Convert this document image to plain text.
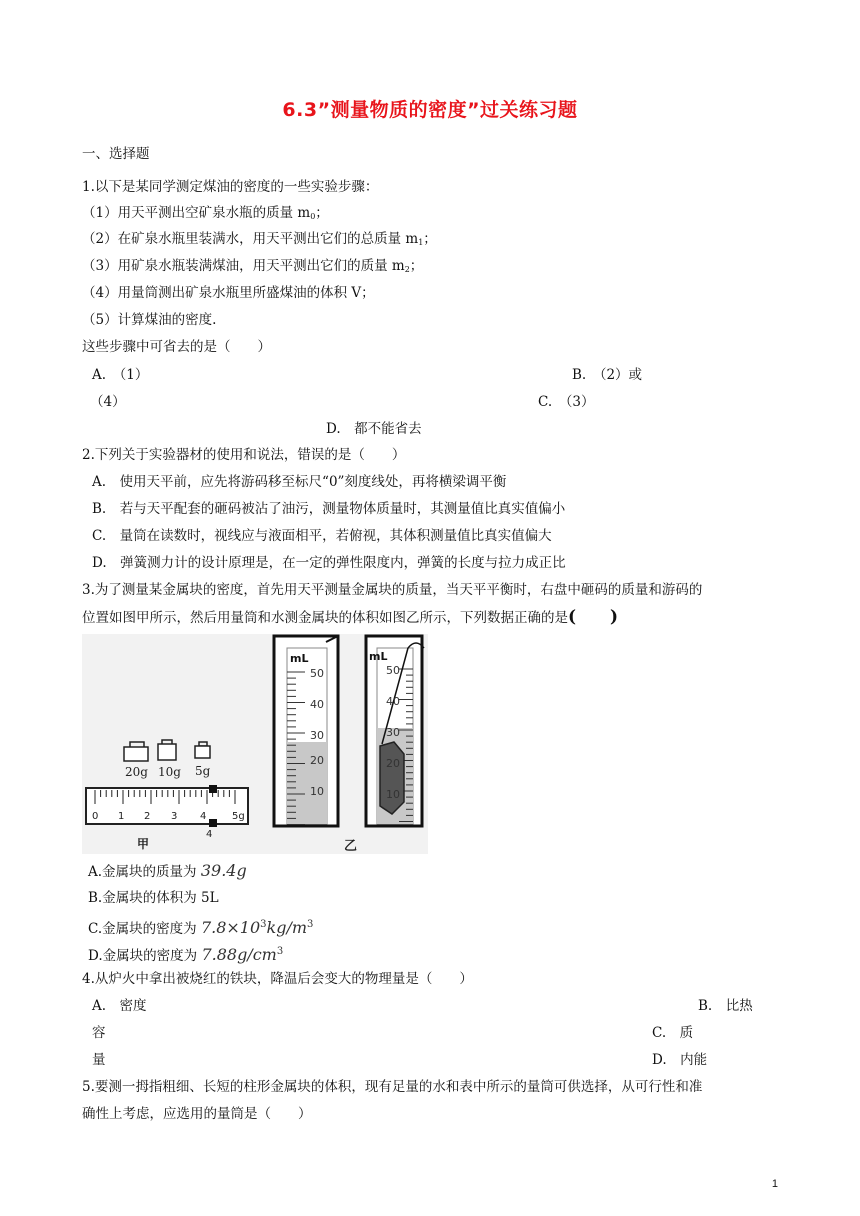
6.3”测量物质的密度”过关练习题
一、选择题
1.以下是某同学测定煤油的密度的一些实验步骤：
（1）用天平测出空矿泉水瓶的质量 $m_0$；
（2）在矿泉水瓶里装满水，用天平测出它们的总质量 $m_1$；
（3）用矿泉水瓶装满煤油，用天平测出它们的质量 $m_2$；
（4）用量筒测出矿泉水瓶里所盛煤油的体积 V；
（5）计算煤油的密度.
这些步骤中可省去的是（　　）
A.　（1）	B.　（2）或
（4）	C.　（3）
D.　都不能省去
2.下列关于实验器材的使用和说法，错误的是（　　）
A.　使用天平前，应先将游码移至标尺“0”刻度线处，再将横梁调平衡
B.　若与天平配套的砸码被沾了油污，测量物体质量时，其测量值比真实值偏小
C.　量筒在读数时，视线应与液面相平，若俯视，其体积测量值比真实值偏大
D.　弹簧测力计的设计原理是，在一定的弹性限度内，弹簧的长度与拉力成正比
3.为了测量某金属块的密度，首先用天平测量金属块的质量，当天平平衡时，右盘中砸码的质量和游码的
位置如图甲所示，然后用量筒和水测金属块的体积如图乙所示，下列数据正确的是(　　)
20g 10g 5g
0 1 2 3 4	5g
4
甲
mL
50
40
30
20
10
mL
50
40
30
20
10
乙
A.金属块的质量为 39.4g
B.金属块的体积为 5L
C.金属块的密度为 $7.8\times 10^3kg/m^3$
D.金属块的密度为 $7.88g/cm^3$
4.从炉火中拿出被烧红的铁块，降温后会变大的物理量是（　　）
A.　密度	B.　比热
容	C.　质
量	D.　内能
5.要测一拇指粗细、长短的柱形金属块的体积，现有足量的水和表中所示的量筒可供选择，从可行性和准
确性上考虑，应选用的量筒是（　　）
1
